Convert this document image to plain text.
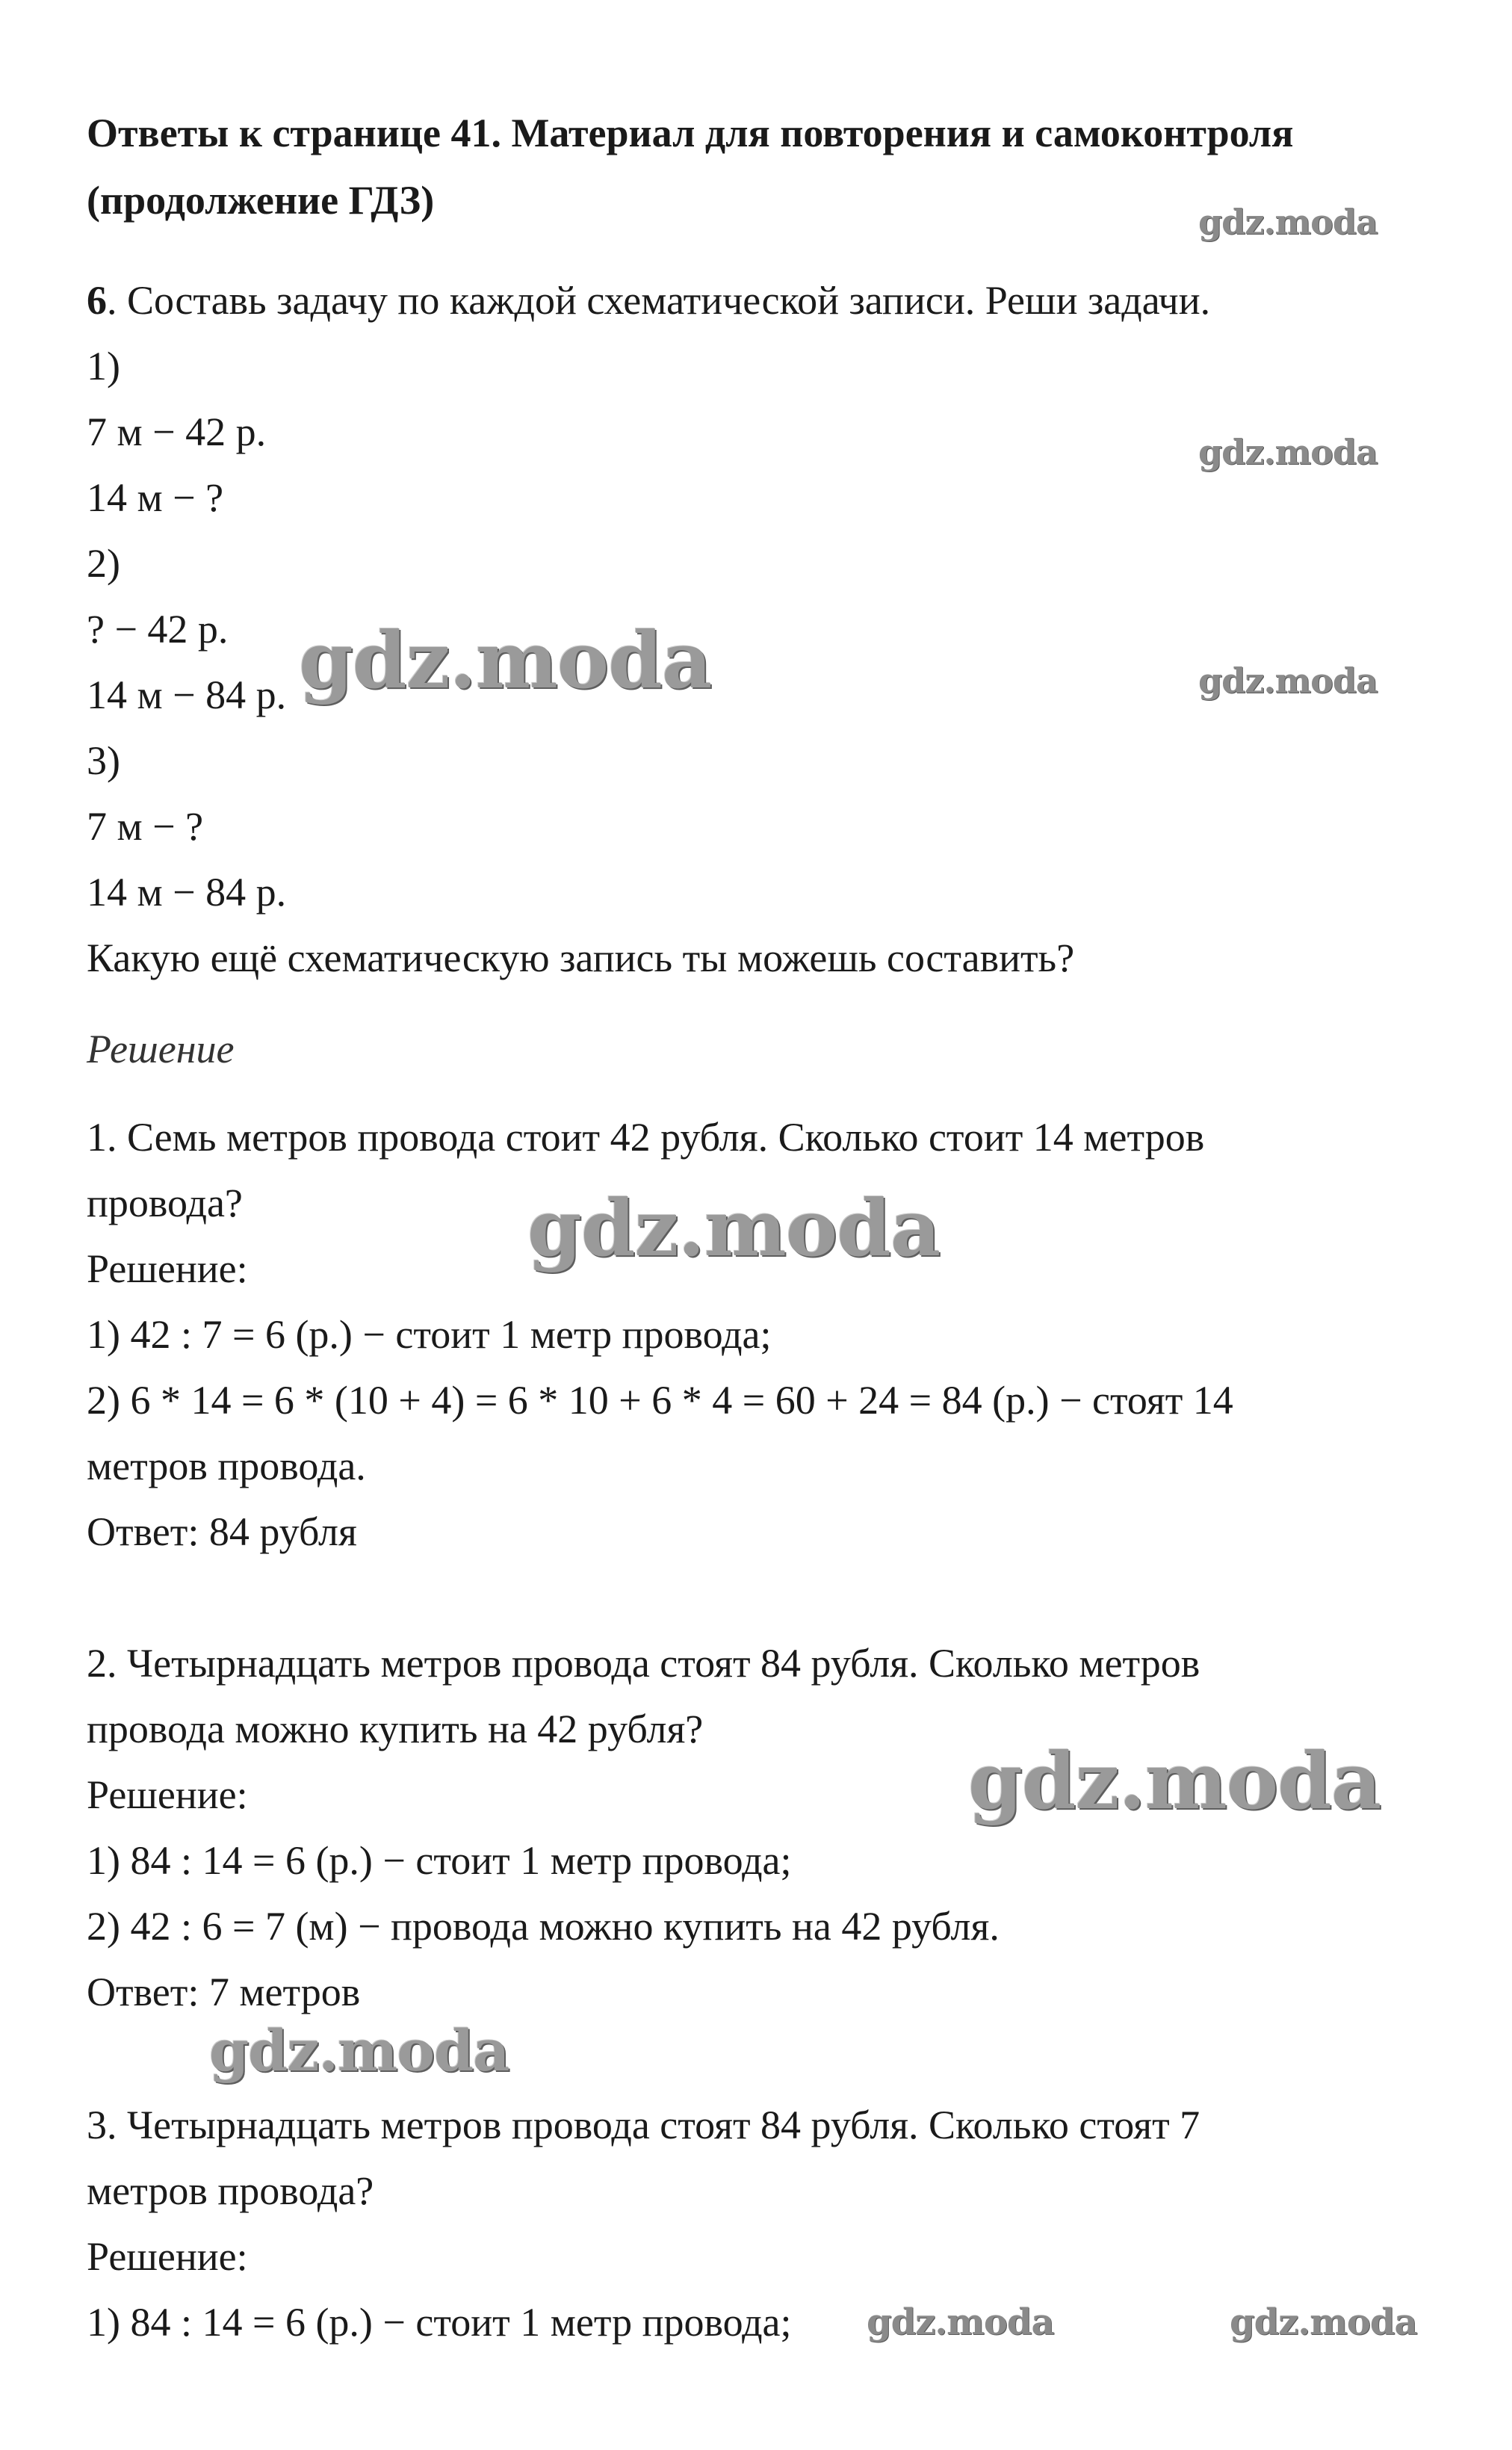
Ответы к странице 41. Материал для повторения и самоконтроля
(продолжение ГДЗ)
6. Составь задачу по каждой схематической записи. Реши задачи.
1)
7 м − 42 р.
14 м − ?
2)
? − 42 р.
14 м − 84 р.
3)
7 м − ?
14 м − 84 р.
Какую ещё схематическую запись ты можешь составить?
Решение
1. Семь метров провода стоит 42 рубля. Сколько стоит 14 метров
провода?
Решение:
1) 42 : 7 = 6 (р.) − стоит 1 метр провода;
2) 6 * 14 = 6 * (10 + 4) = 6 * 10 + 6 * 4 = 60 + 24 = 84 (р.) − стоят 14
метров провода.
Ответ: 84 рубля
2. Четырнадцать метров провода стоят 84 рубля. Сколько метров
провода можно купить на 42 рубля?
Решение:
1) 84 : 14 = 6 (р.) − стоит 1 метр провода;
2) 42 : 6 = 7 (м) − провода можно купить на 42 рубля.
Ответ: 7 метров
3. Четырнадцать метров провода стоят 84 рубля. Сколько стоят 7
метров провода?
Решение:
1) 84 : 14 = 6 (р.) − стоит 1 метр провода;
gdz.moda
gdz.moda
gdz.moda
gdz.moda
gdz.moda
gdz.moda
gdz.moda
gdz.moda	gdz.moda
